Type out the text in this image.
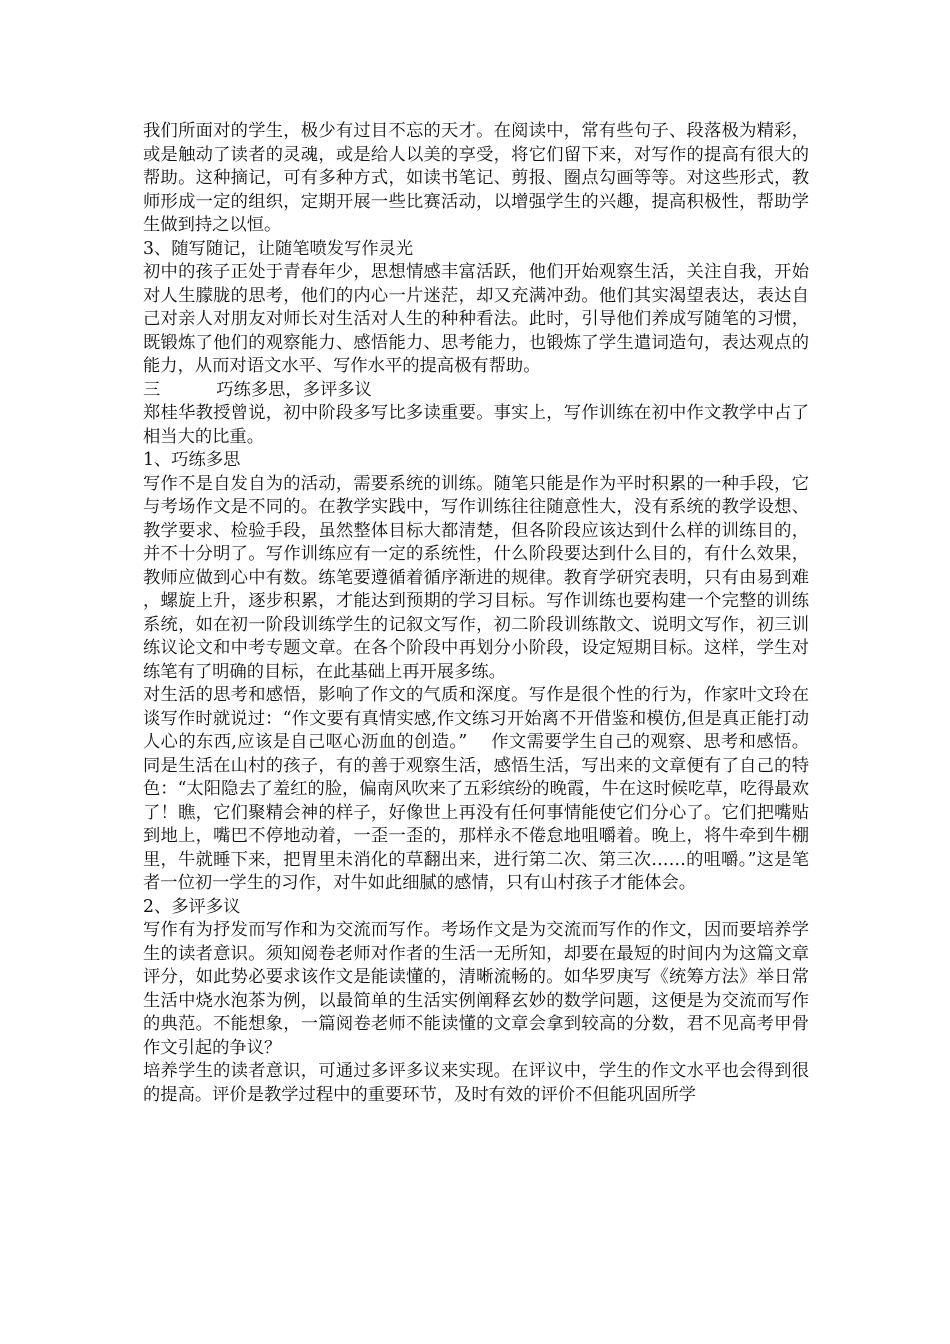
我们所面对的学生，极少有过目不忘的天才。在阅读中，常有些句子、段落极为精彩，或是触动了读者的灵魂，或是给人以美的享受，将它们留下来，对写作的提高有很大的帮助。这种摘记，可有多种方式，如读书笔记、剪报、圈点勾画等等。对这些形式，教师形成一定的组织，定期开展一些比赛活动，以增强学生的兴趣，提高积极性，帮助学生做到持之以恒。

3、随写随记，让随笔喷发写作灵光

初中的孩子正处于青春年少，思想情感丰富活跃，他们开始观察生活，关注自我，开始对人生朦胧的思考，他们的内心一片迷茫，却又充满冲劲。他们其实渴望表达，表达自己对亲人对朋友对师长对生活对人生的种种看法。此时，引导他们养成写随笔的习惯，既锻炼了他们的观察能力、感悟能力、思考能力，也锻炼了学生遣词造句，表达观点的能力，从而对语文水平、写作水平的提高极有帮助。

三	巧练多思，多评多议

郑桂华教授曾说，初中阶段多写比多读重要。事实上，写作训练在初中作文教学中占了相当大的比重。

1、巧练多思

写作不是自发自为的活动，需要系统的训练。随笔只能是作为平时积累的一种手段，它与考场作文是不同的。在教学实践中，写作训练往往随意性大，没有系统的教学设想、教学要求、检验手段，虽然整体目标大都清楚，但各阶段应该达到什么样的训练目的，并不十分明了。写作训练应有一定的系统性，什么阶段要达到什么目的，有什么效果，教师应做到心中有数。练笔要遵循着循序渐进的规律。教育学研究表明，只有由易到难，螺旋上升，逐步积累，才能达到预期的学习目标。写作训练也要构建一个完整的训练系统，如在初一阶段训练学生的记叙文写作，初二阶段训练散文、说明文写作，初三训练议论文和中考专题文章。在各个阶段中再划分小阶段，设定短期目标。这样，学生对练笔有了明确的目标，在此基础上再开展多练。

对生活的思考和感悟，影响了作文的气质和深度。写作是很个性的行为，作家叶文玲在谈写作时就说过：“作文要有真情实感,作文练习开始离不开借鉴和模仿,但是真正能打动人心的东西,应该是自己呕心沥血的创造。”　 作文需要学生自己的观察、思考和感悟。同是生活在山村的孩子，有的善于观察生活，感悟生活，写出来的文章便有了自己的特色：“太阳隐去了羞红的脸，偏南风吹来了五彩缤纷的晚霞，牛在这时候吃草，吃得最欢了！瞧，它们聚精会神的样子，好像世上再没有任何事情能使它们分心了。它们把嘴贴到地上，嘴巴不停地动着，一歪一歪的，那样永不倦怠地咀嚼着。晚上，将牛牵到牛棚里，牛就睡下来，把胃里未消化的草翻出来，进行第二次、第三次……的咀嚼。”这是笔者一位初一学生的习作，对牛如此细腻的感情，只有山村孩子才能体会。

2、多评多议

写作有为抒发而写作和为交流而写作。考场作文是为交流而写作的作文，因而要培养学生的读者意识。须知阅卷老师对作者的生活一无所知，却要在最短的时间内为这篇文章评分，如此势必要求该作文是能读懂的，清晰流畅的。如华罗庚写《统筹方法》举日常生活中烧水泡茶为例，以最简单的生活实例阐释玄妙的数学问题，这便是为交流而写作的典范。不能想象，一篇阅卷老师不能读懂的文章会拿到较高的分数，君不见高考甲骨作文引起的争议？

培养学生的读者意识，可通过多评多议来实现。在评议中，学生的作文水平也会得到很的提高。评价是教学过程中的重要环节，及时有效的评价不但能巩固所学
